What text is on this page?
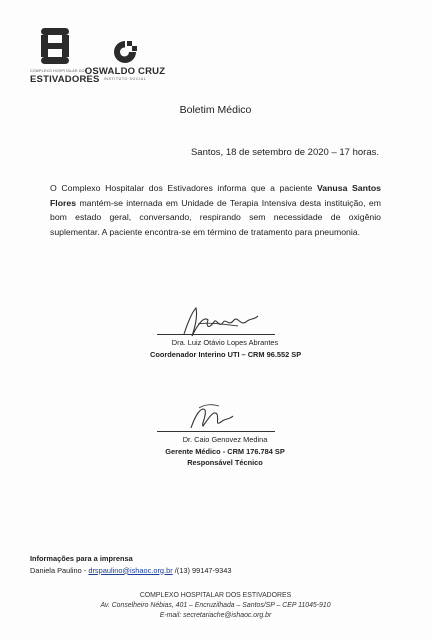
COMPLEXO HOSPITALAR DOS
ESTIVADORES
OSWALDO CRUZ
INSTITUTO SOCIAL
Boletim Médico
Santos, 18 de setembro de 2020 – 17 horas.
O Complexo Hospitalar dos Estivadores informa que a paciente Vanusa Santos Flores mantém-se internada em Unidade de Terapia Intensiva desta instituição, em bom estado geral, conversando, respirando sem necessidade de oxigênio suplementar. A paciente encontra-se em término de tratamento para pneumonia.
Dra. Luiz Otávio Lopes Abrantes
Coordenador Interino UTI – CRM 96.552 SP
Dr. Caio Genovez Medina
Gerente Médico - CRM 176.784 SP
Responsável Técnico
Informações para a imprensa
Daniela Paulino - drspaulino@ishaoc.org.br /(13) 99147-9343
COMPLEXO HOSPITALAR DOS ESTIVADORES
Av. Conselheiro Nébias, 401 – Encruzilhada – Santos/SP – CEP 11045-910
E-mail: secretariache@ishaoc.org.br
